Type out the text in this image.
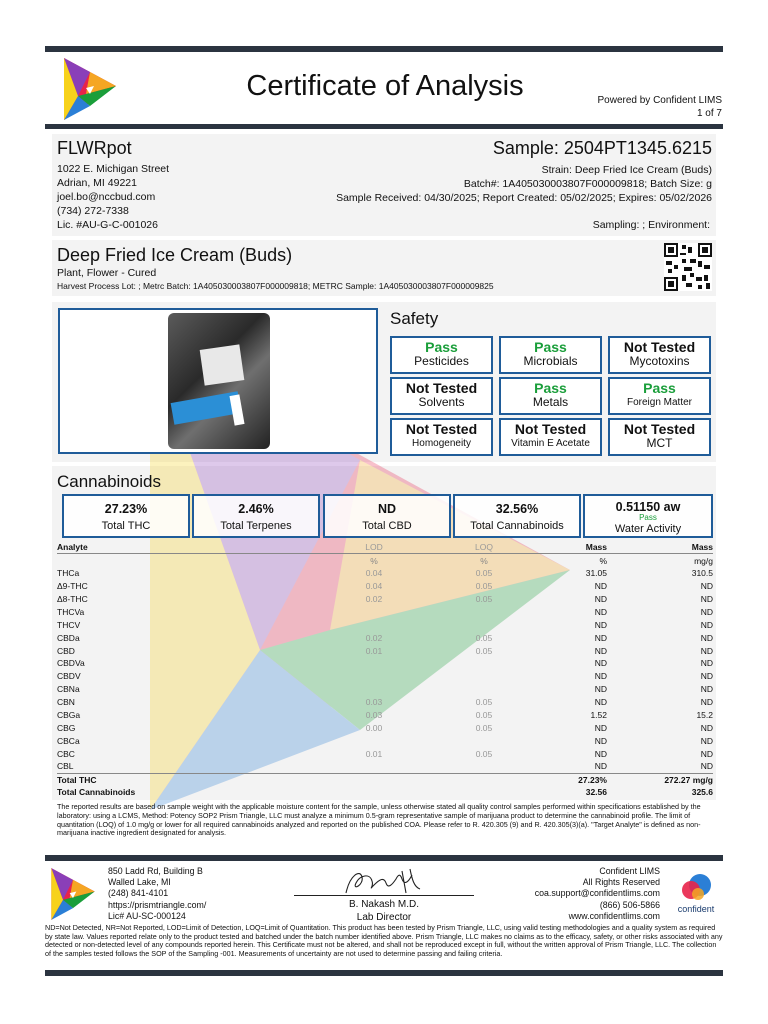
Certificate of Analysis	Powered by Confident LIMS
1 of 7
FLWRpot
1022 E. Michigan Street
Adrian, MI 49221
joel.bo@nccbud.com
(734) 272-7338
Lic. #AU-G-C-001026
Sample: 2504PT1345.6215
Strain: Deep Fried Ice Cream (Buds)
Batch#: 1A405030003807F000009818; Batch Size: g
Sample Received: 04/30/2025; Report Created: 05/02/2025; Expires: 05/02/2026
Sampling: ; Environment:
Deep Fried Ice Cream (Buds)
Plant, Flower - Cured
Harvest Process Lot: ; Metrc Batch: 1A405030003807F000009818; METRC Sample: 1A405030003807F000009825
Safety
Pass
Pesticides
Pass
Microbials
Not Tested
Mycotoxins
Not Tested
Solvents
Pass
Metals
Pass
Foreign Matter
Not Tested
Homogeneity
Not Tested
Vitamin E Acetate
Not Tested
MCT
Cannabinoids
27.23%
Total THC
2.46%
Total Terpenes
ND
Total CBD
32.56%
Total Cannabinoids
0.51150 aw
Pass
Water Activity
Analyte	LOD	LOQ	Mass	Mass
	%	%	%	mg/g
THCa	0.04	0.05	31.05	310.5
Δ9-THC	0.04	0.05	ND	ND
Δ8-THC	0.02	0.05	ND	ND
THCVa			ND	ND
THCV			ND	ND
CBDa	0.02	0.05	ND	ND
CBD	0.01	0.05	ND	ND
CBDVa			ND	ND
CBDV			ND	ND
CBNa			ND	ND
CBN	0.03	0.05	ND	ND
CBGa	0.03	0.05	1.52	15.2
CBG	0.00	0.05	ND	ND
CBCa			ND	ND
CBC	0.01	0.05	ND	ND
CBL			ND	ND
Total THC			27.23%	272.27 mg/g
Total Cannabinoids			32.56	325.6
The reported results are based on sample weight with the applicable moisture content for the sample, unless otherwise stated all quality control samples performed within specifications established by the laboratory: using a LCMS, Method: Potency SOP2 Prism Triangle, LLC must analyze a minimum 0.5-gram representative sample of marijuana product to determine the cannabinoid profile. The limit of quantitation (LOQ) of 1.0 mg/g or lower for all required cannabinoids analyzed and reported on the published COA. Please refer to R. 420.305 (9) and R. 420.305(3)(a). "Target Analyte" is defined as non-marijuana inactive ingredient designated for analysis.
850 Ladd Rd, Building B
Walled Lake, MI
(248) 841-4101
https://prismtriangle.com/
Lic# AU-SC-000124
B. Nakash M.D.
Lab Director
Confident LIMS
All Rights Reserved
coa.support@confidentlims.com
(866) 506-5866
www.confidentlims.com
confident
ND=Not Detected, NR=Not Reported, LOD=Limit of Detection, LOQ=Limit of Quantitation. This product has been tested by Prism Triangle, LLC, using valid testing methodologies and a quality system as required by state law. Values reported relate only to the product tested and batched under the batch number identified above. Prism Triangle, LLC makes no claims as to the efficacy, safety, or other risks associated with any detected or non-detected level of any compounds reported herein. This Certificate must not be altered, and shall not be reproduced except in full, without the written approval of Prism Triangle, LLC. The collection of the samples tested follows the SOP of the Sampling -001. Measurements of uncertainty are not used to determine passing and failing criteria.
